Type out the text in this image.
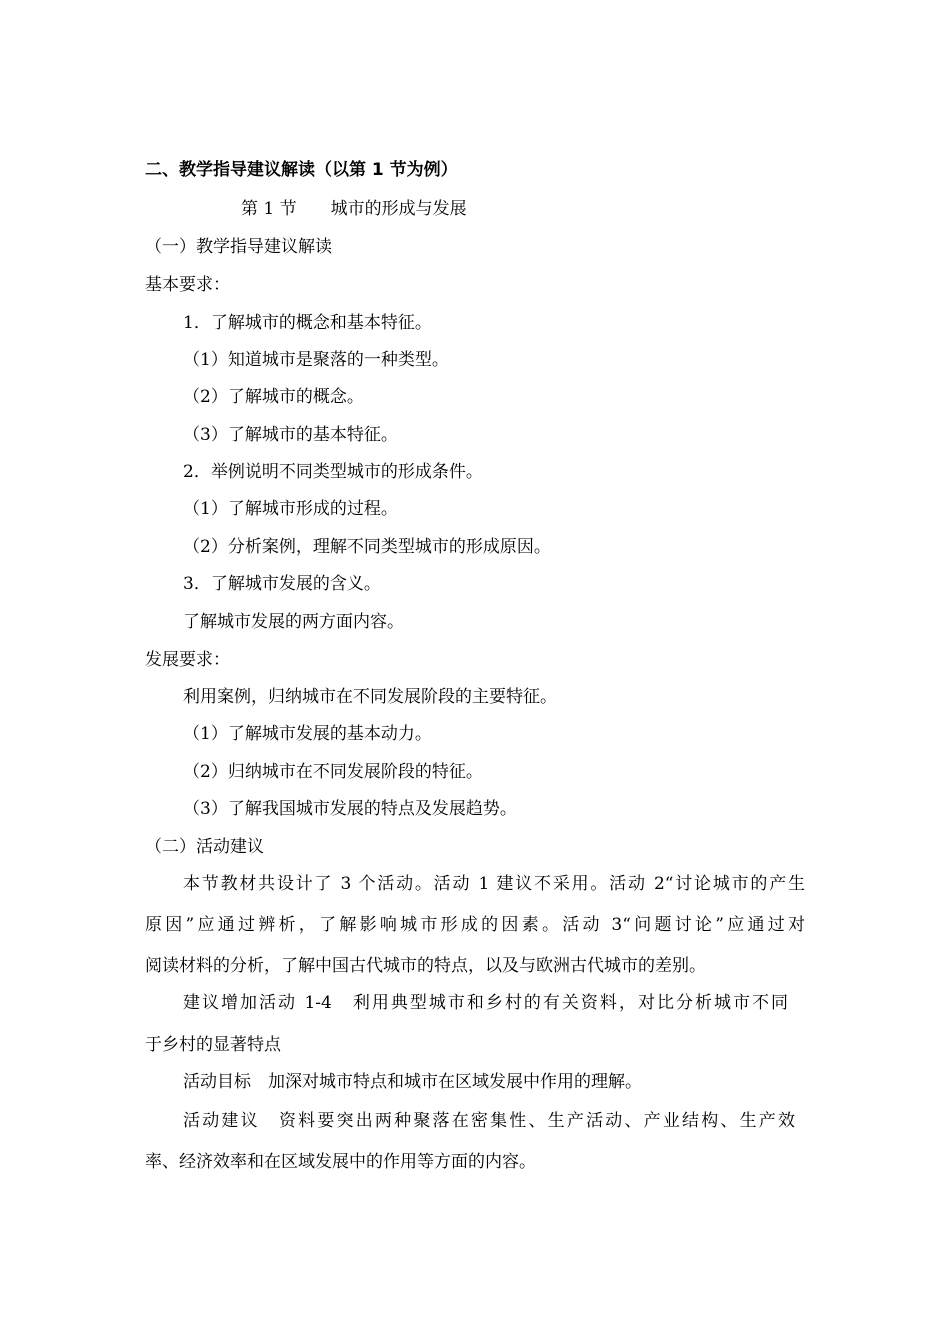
二、教学指导建议解读（以第 1 节为例）
第 1 节　　城市的形成与发展
（一）教学指导建议解读
基本要求：
1．了解城市的概念和基本特征。
（1）知道城市是聚落的一种类型。
（2）了解城市的概念。
（3）了解城市的基本特征。
2．举例说明不同类型城市的形成条件。
（1）了解城市形成的过程。
（2）分析案例，理解不同类型城市的形成原因。
3．了解城市发展的含义。
了解城市发展的两方面内容。
发展要求：
利用案例，归纳城市在不同发展阶段的主要特征。
（1）了解城市发展的基本动力。
（2）归纳城市在不同发展阶段的特征。
（3）了解我国城市发展的特点及发展趋势。
（二）活动建议
本节教材共设计了 3 个活动。活动 1 建议不采用。活动 2“讨论城市的产生
原因”应通过辨析，了解影响城市形成的因素。活动 3“问题讨论”应通过对
阅读材料的分析，了解中国古代城市的特点，以及与欧洲古代城市的差别。
建议增加活动 1-4　利用典型城市和乡村的有关资料，对比分析城市不同
于乡村的显著特点
活动目标　加深对城市特点和城市在区域发展中作用的理解。
活动建议　资料要突出两种聚落在密集性、生产活动、产业结构、生产效
率、经济效率和在区域发展中的作用等方面的内容。
